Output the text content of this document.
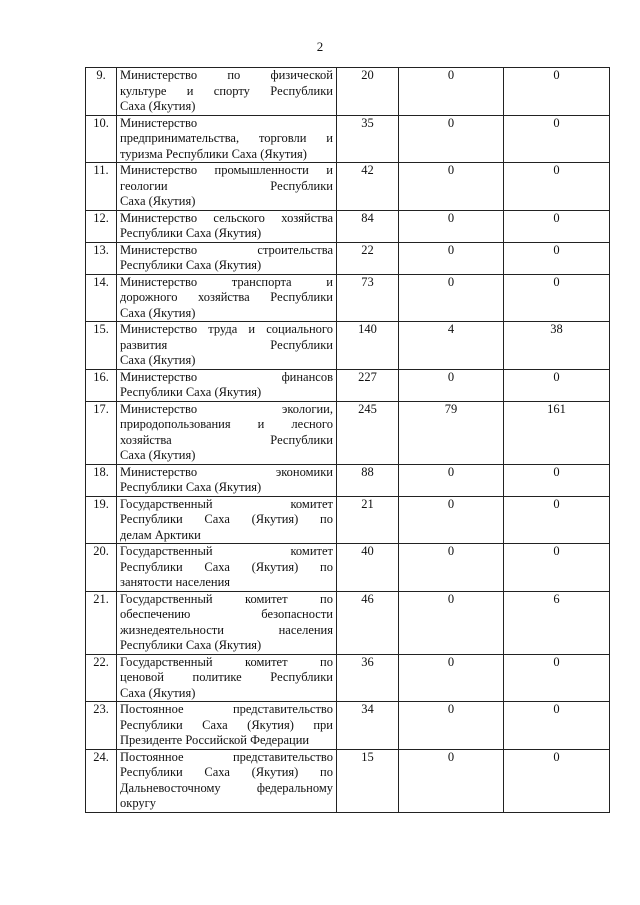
2
9.	Министерство по физической
культуре и спорту Республики
Саха (Якутия)	20	0	0
10.	Министерство
предпринимательства, торговли и
туризма Республики Саха (Якутия)	35	0	0
11.	Министерство промышленности и
геологии Республики
Саха (Якутия)	42	0	0
12.	Министерство сельского хозяйства
Республики Саха (Якутия)	84	0	0
13.	Министерство строительства
Республики Саха (Якутия)	22	0	0
14.	Министерство транспорта и
дорожного хозяйства Республики
Саха (Якутия)	73	0	0
15.	Министерство труда и социального
развития Республики
Саха (Якутия)	140	4	38
16.	Министерство финансов
Республики Саха (Якутия)	227	0	0
17.	Министерство экологии,
природопользования и лесного
хозяйства Республики
Саха (Якутия)	245	79	161
18.	Министерство экономики
Республики Саха (Якутия)	88	0	0
19.	Государственный комитет
Республики Саха (Якутия) по
делам Арктики	21	0	0
20.	Государственный комитет
Республики Саха (Якутия) по
занятости населения	40	0	0
21.	Государственный комитет по
обеспечению безопасности
жизнедеятельности населения
Республики Саха (Якутия)	46	0	6
22.	Государственный комитет по
ценовой политике Республики
Саха (Якутия)	36	0	0
23.	Постоянное представительство
Республики Саха (Якутия) при
Президенте Российской Федерации	34	0	0
24.	Постоянное представительство
Республики Саха (Якутия) по
Дальневосточному федеральному
округу	15	0	0
